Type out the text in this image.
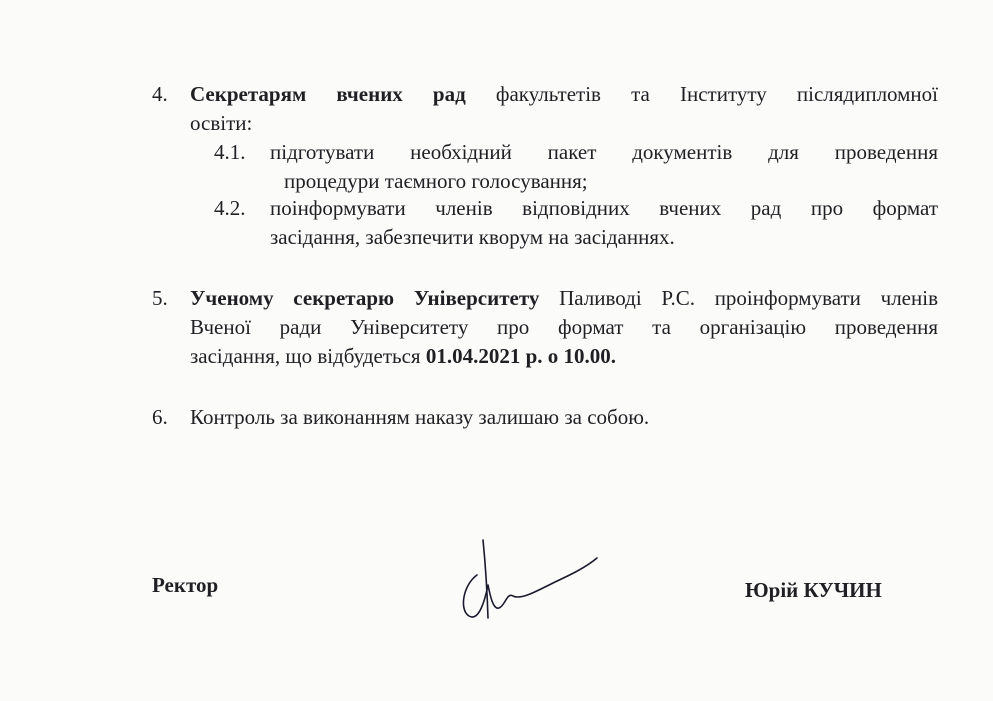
4. Секретарям вчених рад факультетів та Інституту післядипломної
освіти:
4.1. підготувати необхідний пакет документів для проведення
процедури таємного голосування;
4.2. поінформувати членів відповідних вчених рад про формат
засідання, забезпечити кворум на засіданнях.
5. Ученому секретарю Університету Паливоді Р.С. проінформувати членів
Вченої ради Університету про формат та організацію проведення
засідання, що відбудеться 01.04.2021 р. о 10.00.
6. Контроль за виконанням наказу залишаю за собою.
Ректор	Юрій КУЧИН
